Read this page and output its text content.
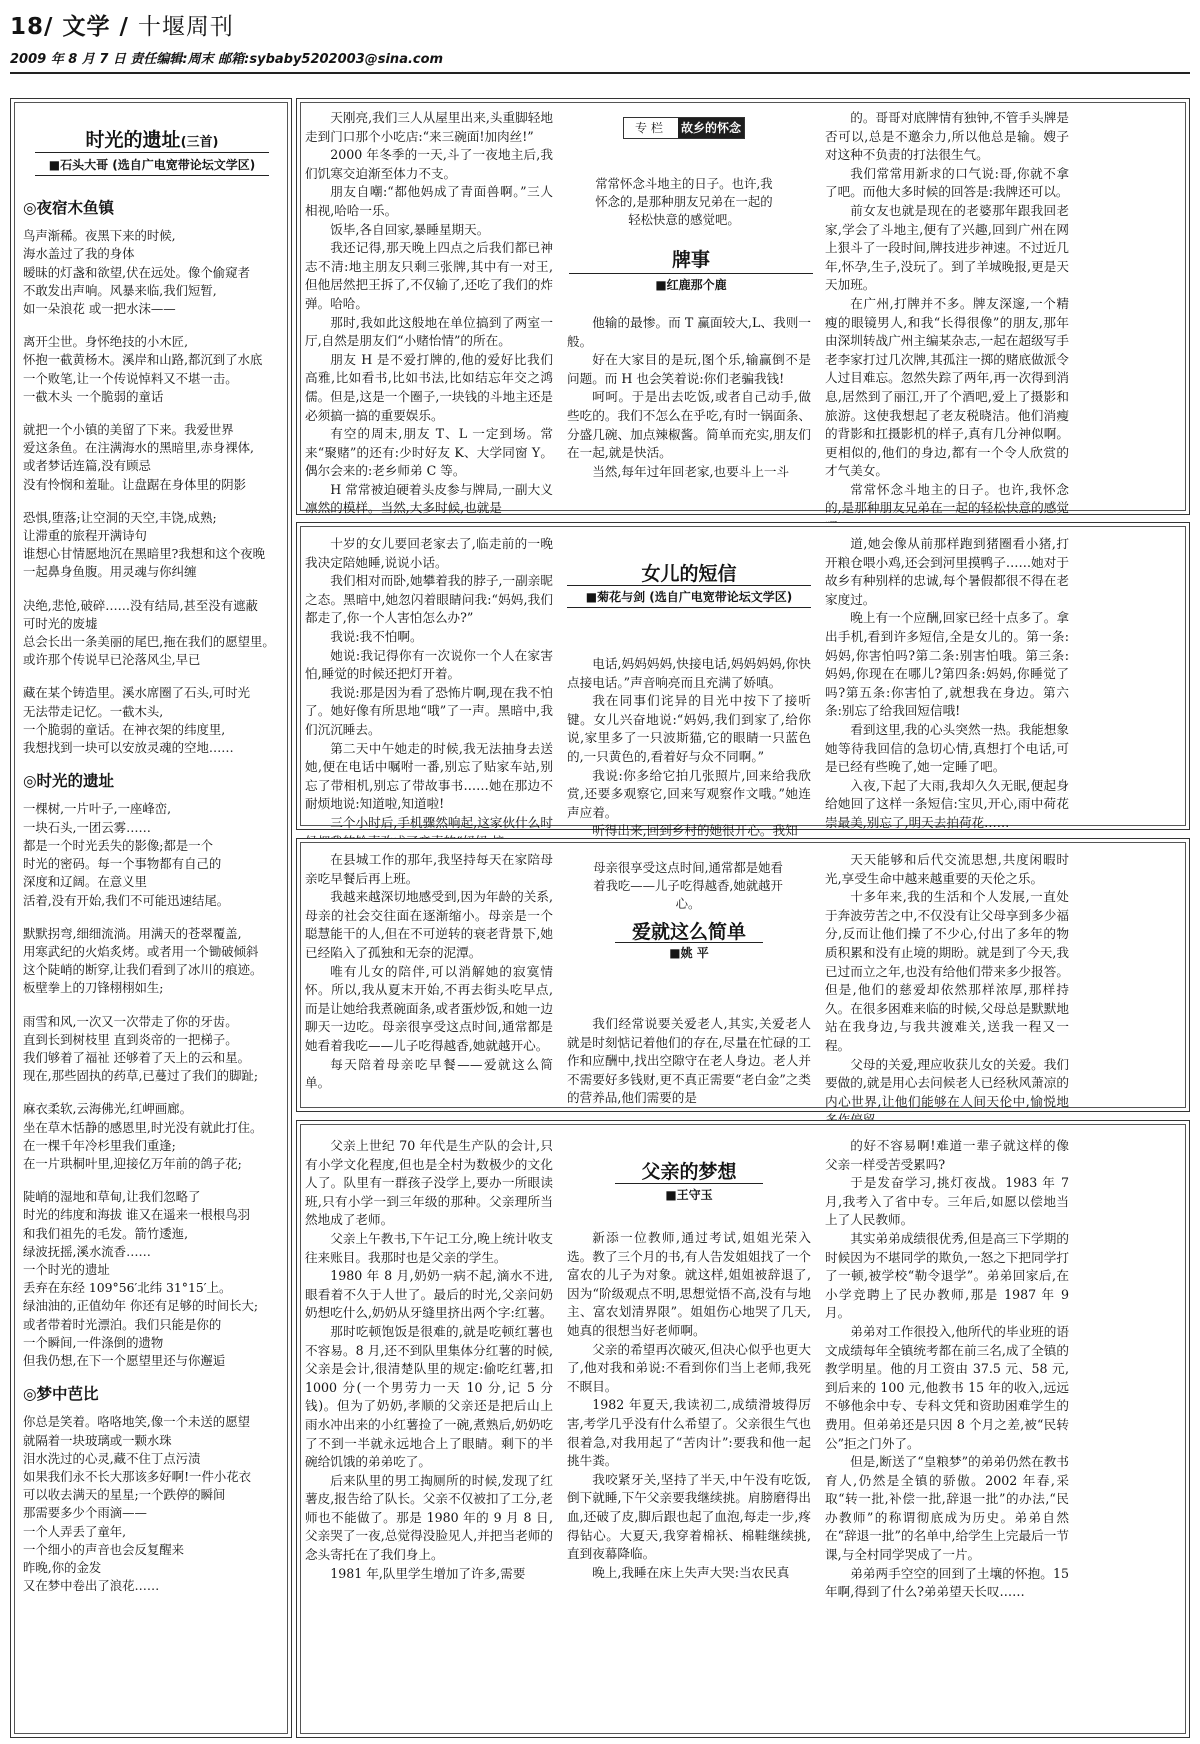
18/ 文学 / 十堰周刊
2009 年 8 月 7 日 责任编辑:周末 邮箱:sybaby5202003@sina.com
时光的遗址(三首)
■石头大哥 (选自广电宽带论坛文学区)
◎夜宿木鱼镇
鸟声渐稀。夜黑下来的时候,
海水盖过了我的身体
暧昧的灯盏和欲望,伏在远处。像个偷窥者
不敢发出声响。风暴来临,我们短暂,
如一朵浪花 或一把水沫——
离开尘世。身怀绝技的小木匠,
怀抱一截黄杨木。溪岸和山路,都沉到了水底
一个败笔,让一个传说悼料又不堪一击。
一截木头 一个脆弱的童话
就把一个小镇的美留了下来。我爱世界
爱这条鱼。在注满海水的黑暗里,赤身裸体,
或者梦话连篇,没有顾忌
没有怜悯和羞耻。让盘踞在身体里的阴影
恐惧,堕落;让空洞的天空,丰饶,成熟;
让滞重的旅程开满诗句
谁想心甘情愿地沉在黑暗里?我想和这个夜晚
一起鼻身鱼腹。用灵魂与你纠缠
决绝,悲怆,破碎……没有结局,甚至没有遮蔽
可时光的废墟
总会长出一条美丽的尾巴,拖在我们的愿望里。
或许那个传说早已沦落风尘,早已
藏在某个铸造里。溪水席圈了石头,可时光
无法带走记忆。一截木头,
一个脆弱的童话。在神衣架的纬度里,
我想找到一块可以安放灵魂的空地……
◎时光的遗址
一棵树,一片叶子,一座峰峦,
一块石头,一团云雾……
都是一个时光丢失的影像;都是一个
时光的密码。每一个事物都有自己的
深度和辽阔。在意义里
活着,没有开始,我们不可能迅速结尾。
默默拐弯,细细流淌。用满天的苍翠覆盖,
用寒武纪的火焰炙烤。或者用一个锄破倾斜
这个陡峭的断穿,让我们看到了冰川的痕迹。
板壁拳上的刀锋栩栩如生;
雨雪和风,一次又一次带走了你的牙齿。
直到长到树枝里 直到炎帝的一把梯子。
我们够着了福祉 还够着了天上的云和星。
现在,那些固执的药草,已蔓过了我们的脚趾;
麻衣柔软,云海佛光,红岬画廊。
坐在草木恬静的感恩里,时光没有就此打住。
在一棵千年冷杉里我们重逢;
在一片珙桐叶里,迎接亿万年前的鸽子花;
陡峭的湿地和草甸,让我们忽略了
时光的纬度和海拔 谁又在遥来一根根鸟羽
和我们祖先的毛发。箭竹逶迤,
绿波抚摇,溪水流香……
一个时光的遗址
丢弃在东经 109°56′北纬 31°15′上。
绿油油的,正值幼年 你还有足够的时间长大;
或者带着时光漂泊。我们只能是你的
一个瞬间,一件涤倒的遗物
但我仍想,在下一个愿望里还与你邂逅
◎梦中芭比
你总是笑着。咯咯地笑,像一个未送的愿望
就隔着一块玻璃或一颗水珠
泪水洗过的心灵,藏不住丁点污渍
如果我们永不长大那该多好啊!一件小花衣
可以收去满天的星星;一个跌停的瞬间
那需要多少个雨滴——
一个人弄丢了童年,
一个细小的声音也会反复醒来
昨晚,你的金发
又在梦中卷出了浪花……

天刚亮,我们三人从屋里出来,头重脚轻地走到门口那个小吃店:“来三碗面!加肉丝!”

2000 年冬季的一天,斗了一夜地主后,我们饥寒交迫渐至体力不支。

朋友自嘲:“都他妈成了青面兽啊。”三人相视,哈哈一乐。

饭毕,各自回家,暴睡星期天。

我还记得,那天晚上四点之后我们都已神志不清:地主朋友只剩三张牌,其中有一对王,但他居然把王拆了,不仅输了,还吃了我们的炸弹。哈哈。

那时,我如此这般地在单位搞到了两室一厅,自然是朋友们“小赌怡情”的所在。

朋友 H 是不爱打牌的,他的爱好比我们高雅,比如看书,比如书法,比如结忘年交之鸿儒。但是,这是一个圈子,一块钱的斗地主还是必须搞一搞的重要娱乐。

有空的周末,朋友 T、L 一定到场。常来“聚赌”的还有:少时好友 K、大学同窗 Y。偶尔会来的:老乡师弟 C 等。

H 常常被迫硬着头皮参与牌局,一副大义凛然的模样。当然,大多时候,也就是

专栏	故乡的怀念
常常怀念斗地主的日子。也许,我怀念的,是那种朋友兄弟在一起的轻松快意的感觉吧。
牌事
■红鹿那个鹿

他输的最惨。而 T 赢面较大,L、我则一般。

好在大家目的是玩,图个乐,输赢倒不是问题。而 H 也会笑着说:你们老骗我钱!

呵呵。于是出去吃饭,或者自己动手,做些吃的。我们不怎么在乎吃,有时一锅面条、分盛几碗、加点辣椒酱。简单而充实,朋友们在一起,就是快活。

当然,每年过年回老家,也要斗上一斗

的。哥哥对底牌情有独钟,不管手头牌是否可以,总是不邀余力,所以他总是输。嫂子对这种不负责的打法很生气。

我们常常用新求的口气说:哥,你就不拿了吧。而他大多时候的回答是:我牌还可以。

前女友也就是现在的老婆那年跟我回老家,学会了斗地主,便有了兴趣,回到广州在网上狠斗了一段时间,牌技进步神速。不过近几年,怀孕,生子,没玩了。到了羊城晚报,更是天天加班。

在广州,打牌并不多。牌友深邃,一个精瘦的眼镜男人,和我“长得很像”的朋友,那年由深圳转战广州主编某杂志,一起在超级写手老李家打过几次牌,其孤注一掷的赌底做派令人过目难忘。忽然失踪了两年,再一次得到消息,居然到了丽江,开了个酒吧,爱上了摄影和旅游。这使我想起了老友税晓洁。他们消瘦的背影和扛摄影机的样子,真有几分神似啊。更相似的,他们的身边,都有一个令人欣赏的才气美女。

常常怀念斗地主的日子。也许,我怀念的,是那种朋友兄弟在一起的轻松快意的感觉

十岁的女儿要回老家去了,临走前的一晚我决定陪她睡,说说小话。

我们相对而卧,她攀着我的脖子,一副亲昵之态。黑暗中,她忽闪着眼睛问我:“妈妈,我们都走了,你一个人害怕怎么办?”

我说:我不怕啊。

她说:我记得你有一次说你一个人在家害怕,睡觉的时候还把灯开着。

我说:那是因为看了恐怖片啊,现在我不怕了。她好像有所思地“哦”了一声。黑暗中,我们沉沉睡去。

第二天中午她走的时候,我无法抽身去送她,便在电话中嘱咐一番,别忘了贴家车站,别忘了带相机,别忘了带故事书……她在那边不耐烦地说:知道啦,知道啦!

三个小时后,手机骤然响起,这家伙什么时

女儿的短信
■菊花与剑 (选自广电宽带论坛文学区)

电话,妈妈妈妈,快接电话,妈妈妈妈,你快点接电话。”声音响亮而且充满了娇嗔。

我在同事们诧异的目光中按下了接听键。女儿兴奋地说:“妈妈,我们到家了,给你说,家里多了一只波斯猫,它的眼睛一只蓝色的,一只黄色的,看着好与众不同啊。”

我说:你多给它拍几张照片,回来给我欣赏,还要多观察它,回来写观察作文哦。”她连声应着。

听得出来,回到乡村的她很开心。我知

道,她会像从前那样跑到猪圈看小猪,打开粮仓喂小鸡,还会到河里摸鸭子……她对于故乡有种别样的忠诚,每个暑假都很不得在老家度过。

晚上有一个应酬,回家已经十点多了。拿出手机,看到许多短信,全是女儿的。第一条:妈妈,你害怕吗?第二条:别害怕哦。第三条:妈妈,你现在在哪儿?第四条:妈妈,你睡觉了吗?第五条:你害怕了,就想我在身边。第六条:别忘了给我回短信哦!

看到这里,我的心头突然一热。我能想象她等待我回信的急切心情,真想打个电话,可是已经有些晚了,她一定睡了吧。

入夜,下起了大雨,我却久久无眠,便起身给她回了这样一条短信:宝贝,开心,雨中荷花崇最美,别忘了,明天去拍荷花……

在县城工作的那年,我坚持每天在家陪母亲吃早餐后再上班。

我越来越深切地感受到,因为年龄的关系,母亲的社会交往面在逐渐缩小。母亲是一个聪慧能干的人,但在不可逆转的衰老背景下,她已经陷入了孤独和无奈的泥潭。

唯有儿女的陪伴,可以消解她的寂寞情怀。所以,我从夏末开始,不再去街头吃早点,而是让她给我煮碗面条,或者蛋炒饭,和她一边聊天一边吃。母亲很享受这点时间,通常都是她看着我吃——儿子吃得越香,她就越开心。

每天陪着母亲吃早餐——爱就这么简单。

母亲很享受这点时间,通常都是她看着我吃——儿子吃得越香,她就越开心。
爱就这么简单
■姚 平

我们经常说要关爱老人,其实,关爱老人就是时刻惦记着他们的存在,尽量在忙碌的工作和应酬中,找出空隙守在老人身边。老人并不需要好多钱财,更不真正需要“老白金”之类的营养品,他们需要的是

天天能够和后代交流思想,共度闲暇时光,享受生命中越来越重要的天伦之乐。

十多年来,我的生活和个人发展,一直处于奔波劳苦之中,不仅没有让父母享到多少福分,反而让他们操了不少心,付出了多年的物质积累和没有止境的期盼。就是到了今天,我已过而立之年,也没有给他们带来多少报答。但是,他们的慈爱却依然那样浓厚,那样持久。在很多困难来临的时候,父母总是默默地站在我身边,与我共渡难关,送我一程又一程。

父母的关爱,理应收获儿女的关爱。我们要做的,就是用心去问候老人已经秋风萧凉的内心世界,让他们能够在人间天伦中,愉悦地

父亲上世纪 70 年代是生产队的会计,只有小学文化程度,但也是全村为数极少的文化人了。队里有一群孩子没学上,要办一所眼读班,只有小学一到三年级的那种。父亲理所当然地成了老师。

父亲上午教书,下午记工分,晚上统计收支往来账目。我那时也是父亲的学生。

1980 年 8 月,奶奶一病不起,滴水不进,眼看着不久于人世了。最后的时光,父亲问奶奶想吃什么,奶奶从牙缝里挤出两个字:红薯。

那时吃顿饱饭是很难的,就是吃顿红薯也不容易。8 月,还不到队里集体分红薯的时候,父亲是会计,很清楚队里的规定:偷吃红薯,扣 1000 分(一个男劳力一天 10 分,记 5 分钱)。但为了奶奶,孝顺的父亲还是把后山上雨水冲出来的小红薯捡了一碗,煮熟后,奶奶吃了不到一半就永远地合上了眼睛。剩下的半碗给饥饿的弟弟吃了。

后来队里的男工掏厕所的时候,发现了红薯皮,报告给了队长。父亲不仅被扣了工分,老师也不能做了。那是 1980 年的 9 月 8 日,父亲哭了一夜,总觉得没脸见人,并把当老师的念头寄托在了我们身上。

1981 年,队里学生增加了许多,需要

父亲的梦想
■王守玉

新添一位教师,通过考试,姐姐光荣入选。教了三个月的书,有人告发姐姐找了一个富农的儿子为对象。就这样,姐姐被辞退了,因为“阶级观点不明,思想觉悟不高,没有与地主、富农划清界限”。姐姐伤心地哭了几天,她真的很想当好老师啊。

父亲的希望再次破灭,但决心似乎也更大了,他对我和弟说:不看到你们当上老师,我死不瞑目。

1982 年夏天,我读初二,成绩滑坡得厉害,考学几乎没有什么希望了。父亲很生气也很着急,对我用起了“苦肉计”:要我和他一起挑牛粪。

我咬紧牙关,坚持了半天,中午没有吃饭,倒下就睡,下午父亲要我继续挑。肩膀磨得出血,还破了皮,脚后跟也起了血泡,每走一步,疼得钻心。大夏天,我穿着棉袄、棉鞋继续挑,直到夜幕降临。

晚上,我睡在床上失声大哭:当农民真

的好不容易啊!难道一辈子就这样的像父亲一样受苦受累吗?

于是发奋学习,挑灯夜战。1983 年 7 月,我考入了省中专。三年后,如愿以偿地当上了人民教师。

其实弟弟成绩很优秀,但是高三下学期的时候因为不堪同学的欺负,一怒之下把同学打了一顿,被学校“勒令退学”。弟弟回家后,在小学竞聘上了民办教师,那是 1987 年 9 月。

弟弟对工作很投入,他所代的毕业班的语文成绩每年全镇统考都在前三名,成了全镇的教学明星。他的月工资由 37.5 元、58 元,到后来的 100 元,他教书 15 年的收入,远远不够他余中专、专科文凭和资助困难学生的费用。但弟弟还是只因 8 个月之差,被“民转公”拒之门外了。

但是,断送了“皇粮梦”的弟弟仍然在教书育人,仍然是全镇的骄傲。2002 年春,采取“转一批,补偿一批,辞退一批”的办法,“民办教师”的称谓彻底成为历史。弟弟自然在“辞退一批”的名单中,给学生上完最后一节课,与全村同学哭成了一片。

弟弟两手空空的回到了土壤的怀抱。15 年啊,得到了什么?弟弟望天长叹……
